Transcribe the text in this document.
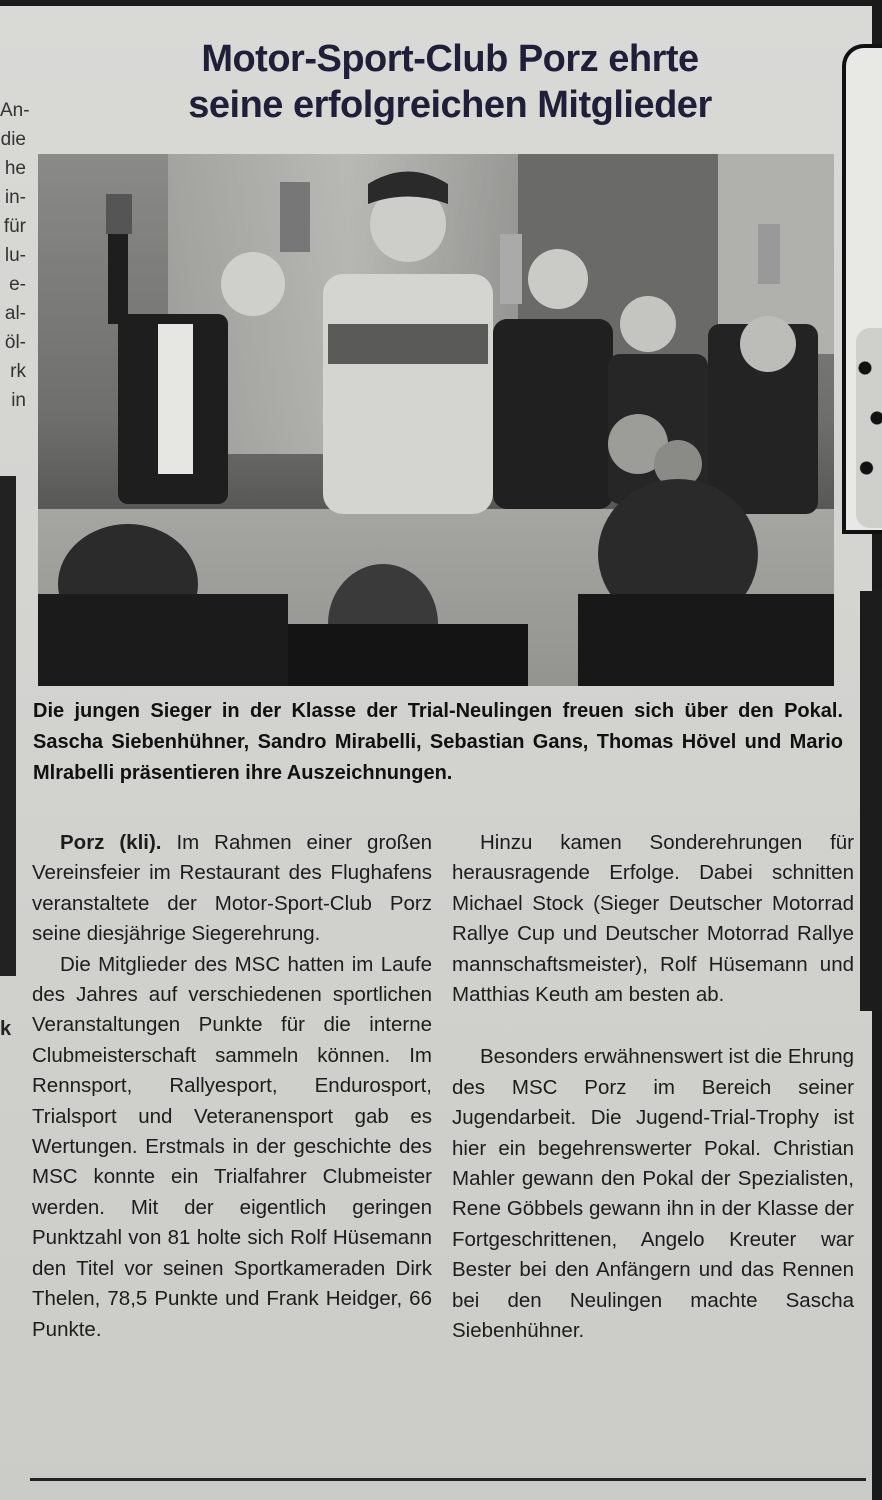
An-
die
he
in-
für
lu-
e-
al-
öl-
rk
in
k
Motor-Sport-Club Porz ehrte
seine erfolgreichen Mitglieder
Die jungen Sieger in der Klasse der Trial-Neulingen freuen sich über den Pokal. Sascha Siebenhühner, Sandro Mirabelli, Sebastian Gans, Thomas Hövel und Mario Mlrabelli präsentieren ihre Auszeichnungen.

Porz (kli). Im Rahmen einer großen Vereinsfeier im Restaurant des Flughafens veranstaltete der Motor-Sport-Club Porz seine diesjährige Siegerehrung.

Die Mitglieder des MSC hatten im Laufe des Jahres auf verschiedenen sportlichen Veranstaltungen Punkte für die interne Clubmeisterschaft sammeln können. Im Rennsport, Rallyesport, Endurosport, Trialsport und Veteranensport gab es Wertungen. Erstmals in der geschichte des MSC konnte ein Trialfahrer Clubmeister werden. Mit der eigentlich geringen Punktzahl von 81 holte sich Rolf Hüsemann den Titel vor seinen Sportkameraden Dirk Thelen, 78,5 Punkte und Frank Heidger, 66 Punkte.

Hinzu kamen Sonderehrungen für herausragende Erfolge. Dabei schnitten Michael Stock (Sieger Deutscher Motorrad Rallye Cup und Deutscher Motorrad Rallye mannschaftsmeister), Rolf Hüsemann und Matthias Keuth am besten ab.

Besonders erwähnenswert ist die Ehrung des MSC Porz im Bereich seiner Jugendarbeit. Die Jugend-Trial-Trophy ist hier ein begehrenswerter Pokal. Christian Mahler gewann den Pokal der Spezialisten, Rene Göbbels gewann ihn in der Klasse der Fortgeschrittenen, Angelo Kreuter war Bester bei den Anfängern und das Rennen bei den Neulingen machte Sascha Siebenhühner.
